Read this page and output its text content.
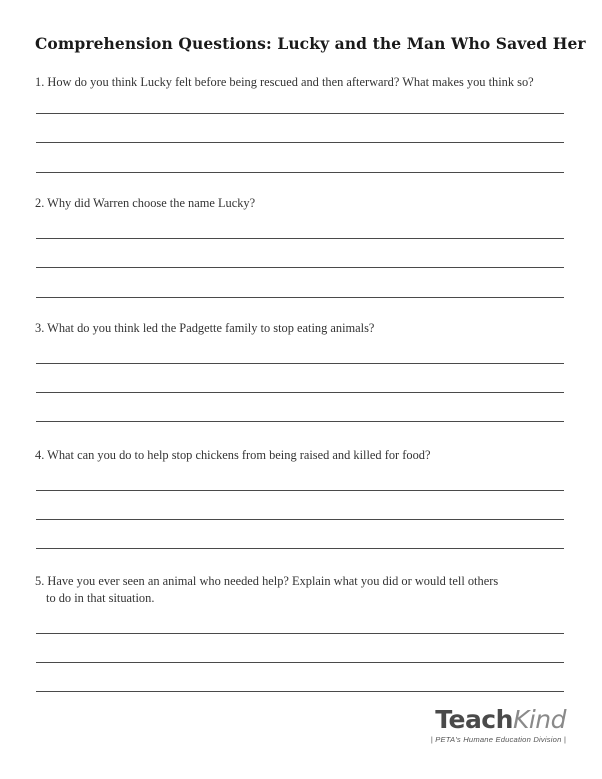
Comprehension Questions: Lucky and the Man Who Saved Her
1. How do you think Lucky felt before being rescued and then afterward? What makes you think so?
2. Why did Warren choose the name Lucky?
3. What do you think led the Padgette family to stop eating animals?
4. What can you do to help stop chickens from being raised and killed for food?
5. Have you ever seen an animal who needed help? Explain what you did or would tell others
to do in that situation.
TeachKind
| PETA's Humane Education Division |
